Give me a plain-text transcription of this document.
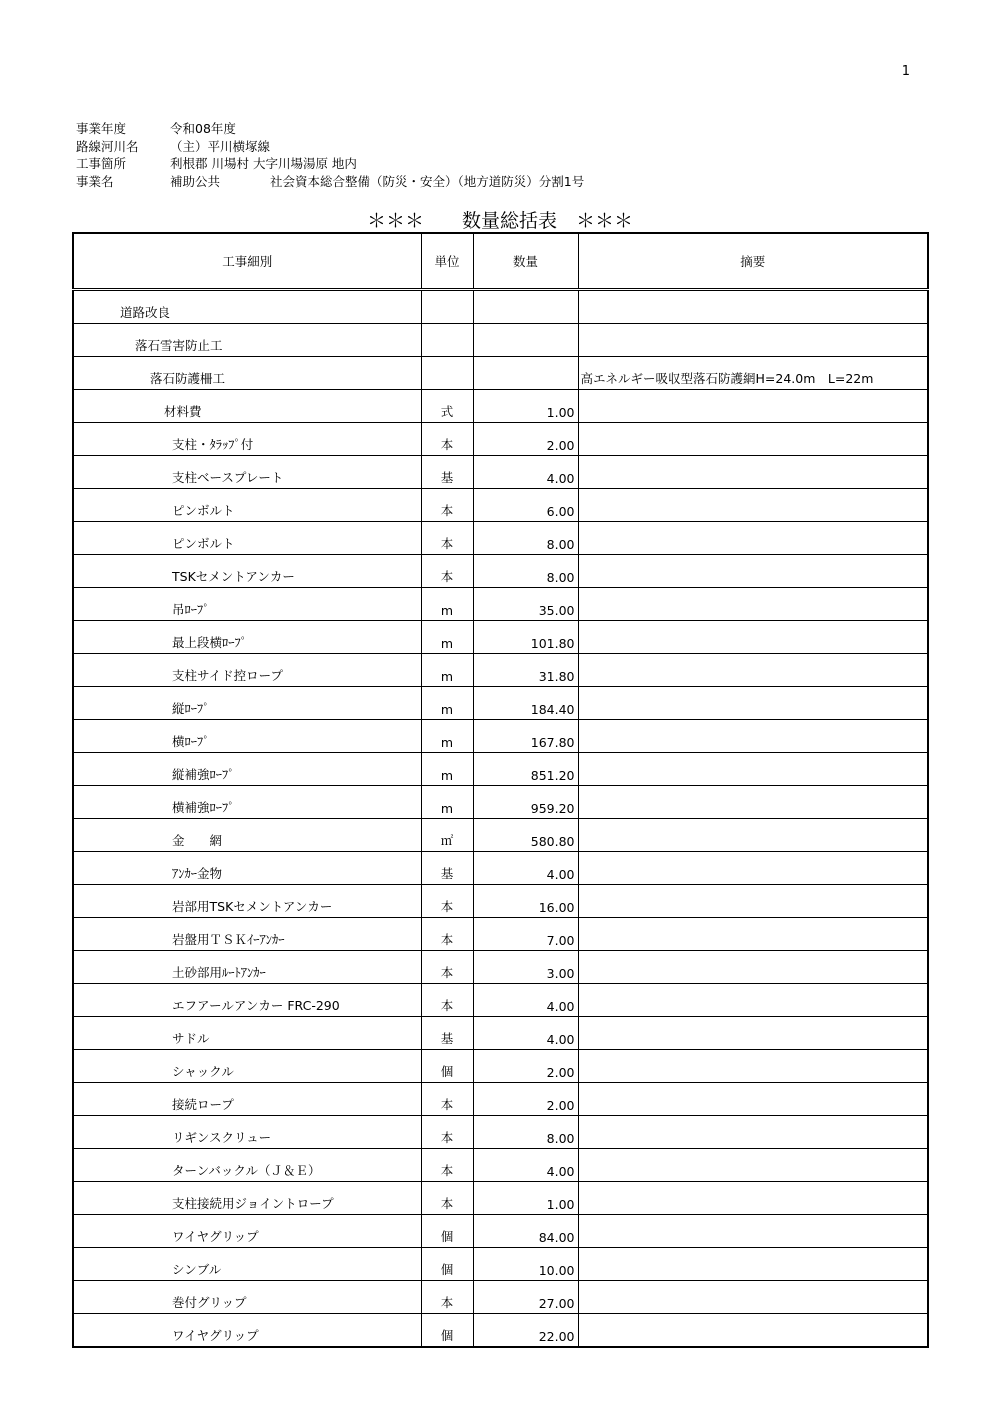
1
事業年度	令和08年度
路線河川名	（主）平川横塚線
工事箇所	利根郡 川場村 大字川場湯原 地内
事業名	補助公共　　　　社会資本総合整備（防災・安全）（地方道防災）分割1号
＊＊＊　　数量総括表　＊＊＊
工事細別	単位	数量	摘要
道路改良			
落石雪害防止工			
落石防護柵工			高エネルギー吸収型落石防護網H=24.0m　L=22m
材料費	式	1.00	
支柱・ﾀﾗｯﾌﾟ付	本	2.00	
支柱ベースプレート	基	4.00	
ピンボルト	本	6.00	
ピンボルト	本	8.00	
TSKセメントアンカー	本	8.00	
吊ﾛｰﾌﾟ	m	35.00	
最上段横ﾛｰﾌﾟ	m	101.80	
支柱サイド控ロープ	m	31.80	
縦ﾛｰﾌﾟ	m	184.40	
横ﾛｰﾌﾟ	m	167.80	
縦補強ﾛｰﾌﾟ	m	851.20	
横補強ﾛｰﾌﾟ	m	959.20	
金　　網	㎡	580.80	
ｱﾝｶｰ金物	基	4.00	
岩部用TSKセメントアンカー	本	16.00	
岩盤用ＴＳＫｲｰｱﾝｶｰ	本	7.00	
土砂部用ﾙｰﾄｱﾝｶｰ	本	3.00	
エフアールアンカー FRC-290	本	4.00	
サドル	基	4.00	
シャックル	個	2.00	
接続ロープ	本	2.00	
リギンスクリュー	本	8.00	
ターンバックル（Ｊ＆Ｅ）	本	4.00	
支柱接続用ジョイントロープ	本	1.00	
ワイヤグリップ	個	84.00	
シンブル	個	10.00	
巻付グリップ	本	27.00	
ワイヤグリップ	個	22.00	
